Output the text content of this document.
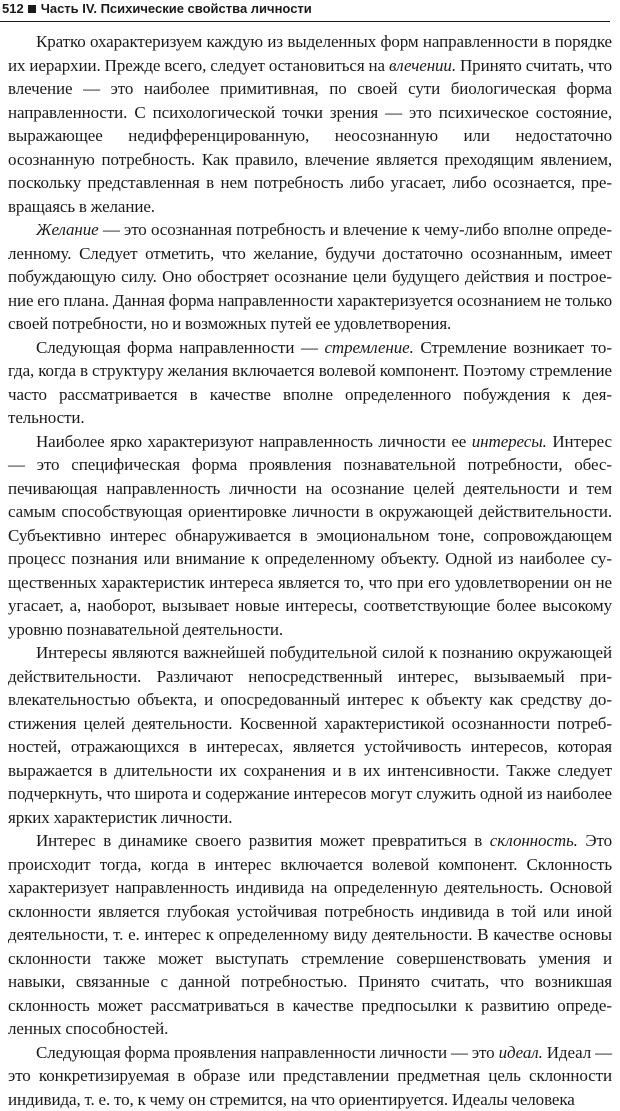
512 Часть IV. Психические свойства личности

Кратко охарактеризуем каждую из выделенных форм направленности в порядке их иерархии. Прежде всего, следует остановиться на влечении. Принято считать, что влечение — это наиболее примитивная, по своей сути биологическая форма направленности. С психологической точки зрения — это психическое состояние, выражающее недифференцированную, неосознанную или недостаточно осознанную потребность. Как правило, влечение является преходящим явлением, поскольку представленная в нем потребность либо угасает, либо осознается, превращаясь в желание.

Желание — это осознанная потребность и влечение к чему-либо вполне определенному. Следует отметить, что желание, будучи достаточно осознанным, имеет побуждающую силу. Оно обостряет осознание цели будущего действия и построение его плана. Данная форма направленности характеризуется осознанием не только своей потребности, но и возможных путей ее удовлетворения.

Следующая форма направленности — стремление. Стремление возникает тогда, когда в структуру желания включается волевой компонент. Поэтому стремление часто рассматривается в качестве вполне определенного побуждения к деятельности.

Наиболее ярко характеризуют направленность личности ее интересы. Интерес — это специфическая форма проявления познавательной потребности, обеспечивающая направленность личности на осознание целей деятельности и тем самым способствующая ориентировке личности в окружающей действительности. Субъективно интерес обнаруживается в эмоциональном тоне, сопровождающем процесс познания или внимание к определенному объекту. Одной из наиболее существенных характеристик интереса является то, что при его удовлетворении он не угасает, а, наоборот, вызывает новые интересы, соответствующие более высокому уровню познавательной деятельности.

Интересы являются важнейшей побудительной силой к познанию окружающей действительности. Различают непосредственный интерес, вызываемый привлекательностью объекта, и опосредованный интерес к объекту как средству достижения целей деятельности. Косвенной характеристикой осознанности потребностей, отражающихся в интересах, является устойчивость интересов, которая выражается в длительности их сохранения и в их интенсивности. Также следует подчеркнуть, что широта и содержание интересов могут служить одной из наиболее ярких характеристик личности.

Интерес в динамике своего развития может превратиться в склонность. Это происходит тогда, когда в интерес включается волевой компонент. Склонность характеризует направленность индивида на определенную деятельность. Основой склонности является глубокая устойчивая потребность индивида в той или иной деятельности, т. е. интерес к определенному виду деятельности. В качестве основы склонности также может выступать стремление совершенствовать умения и навыки, связанные с данной потребностью. Принято считать, что возникшая склонность может рассматриваться в качестве предпосылки к развитию определенных способностей.

Следующая форма проявления направленности личности — это идеал. Идеал — это конкретизируемая в образе или представлении предметная цель склонности индивида, т. е. то, к чему он стремится, на что ориентируется. Идеалы человека
